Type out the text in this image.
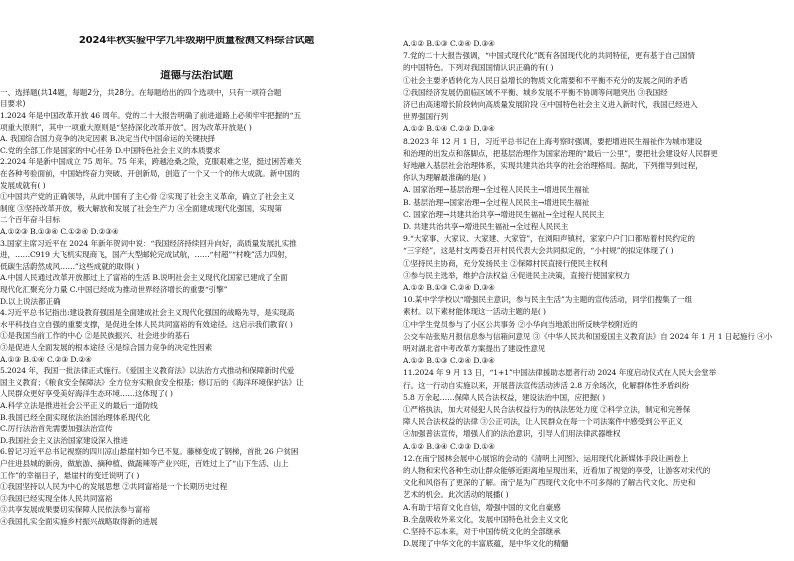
2024年秋实验中学九年级期中质量检测文科综合试题
道德与法治试题
一、选择题(共14题，每题2分，共28分。在每题给出的四个选项中，只有一项符合题
目要求)
1.2024 年是中国改革开放 46 周年。党的二十大报告明确了前进道路上必须牢牢把握的“五
项重大原则”，其中一项重大原则是“坚持深化改革开放”。因为改革开放是( )
A. 我国综合国力竞争的决定因素 B.决定当代中国命运的关键抉择
C.党的全部工作是国家的中心任务 D.中国特色社会主义的本质要求
2.2024 年是新中国成立 75 周年。75 年来，跨越沧桑之险，克服艰难之坚，挺过困苦难关
在各种考验面前，中国始终奋力突破、开创新局，创造了一个又一个的伟大成就。新中国的
发展成就有( )
①中国共产党的正确领导，从此中国有了主心骨 ②实现了社会主义革命，确立了社会主义
制度 ③坚持改革开放，极大解放和发展了社会生产力 ④全面建成现代化强国，实现第
二个百年奋斗目标
A.①②③ B.①③④ C.①②④ D.②③④
3.国家主席习近平在 2024 年新年贺词中说：“我国经济持续回升向好，高质量发展扎实推
进，……C919 大飞机实现商飞，国产大型邮轮完成试航，……“村超”“村晚”活力四射，
低碳生活蔚然成风……”这些成就的取得( )
A.中国人民通过改革开放都过上了富裕的生活 B.说明社会主义现代化国家已建成了全面
现代化汇聚充分力量 C.中国已经成为推动世界经济增长的重要“引擎”
D.以上说法都正确
4.习近平总书记指出:建设教育强国是全面建成社会主义现代化强国的战略先导，是实现高
水平科技自立自强的重要支撑，是促进全体人民共同富裕的有效途径。这启示我们教育( )
①是我国当前工作的中心 ②是民族振兴、社会进步的基石
③是促进人全面发展的根本途径 ④是综合国力竞争的决定性因素
A.①③ B.①④ C.②③ D.②④
5.2024 年，我国一批法律正式施行。《爱国主义教育法》以法治方式推动和保障新时代爱
国主义教育；《粮食安全保障法》全方位夯实粮食安全根基；修订后的《海洋环境保护法》让
人民群众更好享受美好海洋生态环境……这体现了( )
A.科学立法是推进社会公平正义的最后一道防线
B.我国已经全面实现依法治国治理体系现代化
C.厉行法治首先需要加强法治宣传
D.我国社会主义法治国家建设深入推进
6.曾记习近平总书记视察的四川凉山悬崖村如今已不复。藤梯变成了钢梯，首批 26 户贫困
户住进县城的新房，做旅游、摘种植、做蔬辣等产业兴旺，百姓过上了“山下生活、山上
工作”的幸福日子，悬崖村的变迁说明了( )
①我国坚持以人民为中心的发展思想 ②共同富裕是一个长期历史过程
③我国已经实现全体人民共同富裕
③共享发展成果要切实保障人民依法参与富裕
④我国扎实全面实施乡村振兴战略取得新的进展
A.①② B.①③ C.②④ D.③④
7.党的二十大报告强调，“中国式现代化”既有各国现代化的共同特征，更有基于自己国情
的中国特色。下列对我国国情认识正确的有( )
①社会主要矛盾转化为人民日益增长的物质文化需要和不平衡不充分的发展之间的矛盾
②我国经济发展仍面临区域不平衡、城乡发展不平衡不协调等问题突出 ③我国经
济已由高速增长阶段转向高质量发展阶段 ④中国特色社会主义进入新时代，我国已经进入
世界强国行列
A.①② B.①④ C.②③ D.③④
8.2023 年 12 月 1 日，习近平总书记在上海考察时强调，要把增进民生福祉作为城市建设
和治理的出发点和落脚点，把基层治理作为国家治理的“最后一公里”，要把社会建设好人民群更
好地融入基层社会治理体系，实现共建共治共享的社会治理格局。据此，下列推导到过程，
你认为理解最准确的是( )
A. 国家治理→基层治理→全过程人民民主→增进民生福祉
B. 基层治理→国家治理→全过程人民民主→增进民生福祉
C. 国家治理→共建共治共享→增进民生福祉→全过程人民民主
D. 共建共治共享→增进民生福祉→全过程人民民主
9.“大家事、大家议、大家建、大家管”，在浏阳声镇村，家家户户门口都贴着村民约定的
“三字经”，这是村支两委召开村民代表大会共同拟定的，“小村规”的拟定体现了( )
①坚持民主协商，充分发扬民主 ②保障村民直接行使民主权利
③参与民主选举，维护合法权益 ④促进民主决策，直接行使国家权力
A.①② B.①③ C.②④ D.③④
10.某中学学校以“增强民主意识，参与民主生活”为主题的宣传活动，同学们搜集了一组
素材。以下素材能体现这一活动主题的是( )
①中学生党员参与了小区公共事务 ②小华向当地派出所反映学校附近的
公交车站张贴月报信息参与信箱问意见 ③《中华人民共和国爱国主义教育法》自 2024 年 1 月 1 日起施行 ④小
明对湖北省中考改革方案提出了建设性意见
A.①② B.①③ C.②④ D.③④
11.2024 年 9 月 13 日，“1+1”中国法律援助志愿者行动 2024 年度启动仪式在人民大会堂举
行。这一行动自实施以来，开展普法宣传活动涉活 2.8 万余场次，化解群体性矛盾纠纷
5.8 万余起……保障人民合法权益，建设法治中国，应把握( )
①严格执法，加大对侵犯人民合法权益行为的执法惩处力度 ②科学立法，制定和完善保
障人民合法权益的法律 ③公正司法，让人民群众在每一个司法案件中感受到公平正义
④加强普法宣传，增强人们的法治意识，引导人们用法律武器维权
A.①② B.③④ C.②③ D.①④
12.在南宁园林会展中心展馆的会动的《清明上河图》、运用现代化新媒体手段让画卷上
的人物和宋代各种生动让群众能够近距离地呈现出来，近看加了视觉的享受，让游客对宋代的
文化和风俗有了更深的了解。南宁是为广西现代文化中不可多得的了解古代文化、历史和
艺术的机会。此次活动的展播( )
A.有助于培育文化自信，增强中国的文化自豪感
B.全盘吸收外来文化，发展中国特色社会主义文化
C.坚持不忘本来，对于中国传统文化的全部继承
D.展现了中华文化的丰富底蕴，是中华文化的精髓
